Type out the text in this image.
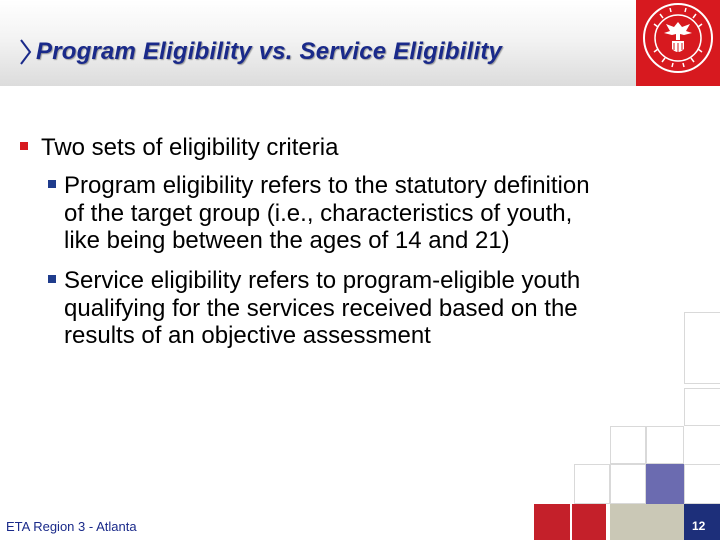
Program Eligibility vs. Service Eligibility
Two sets of eligibility criteria
Program eligibility refers to the statutory definition
of the target group (i.e., characteristics of youth,
like being between the ages of 14 and 21)
Service eligibility refers to program-eligible youth
qualifying for the services received based on the
results of an objective assessment
ETA Region 3 - Atlanta	12
